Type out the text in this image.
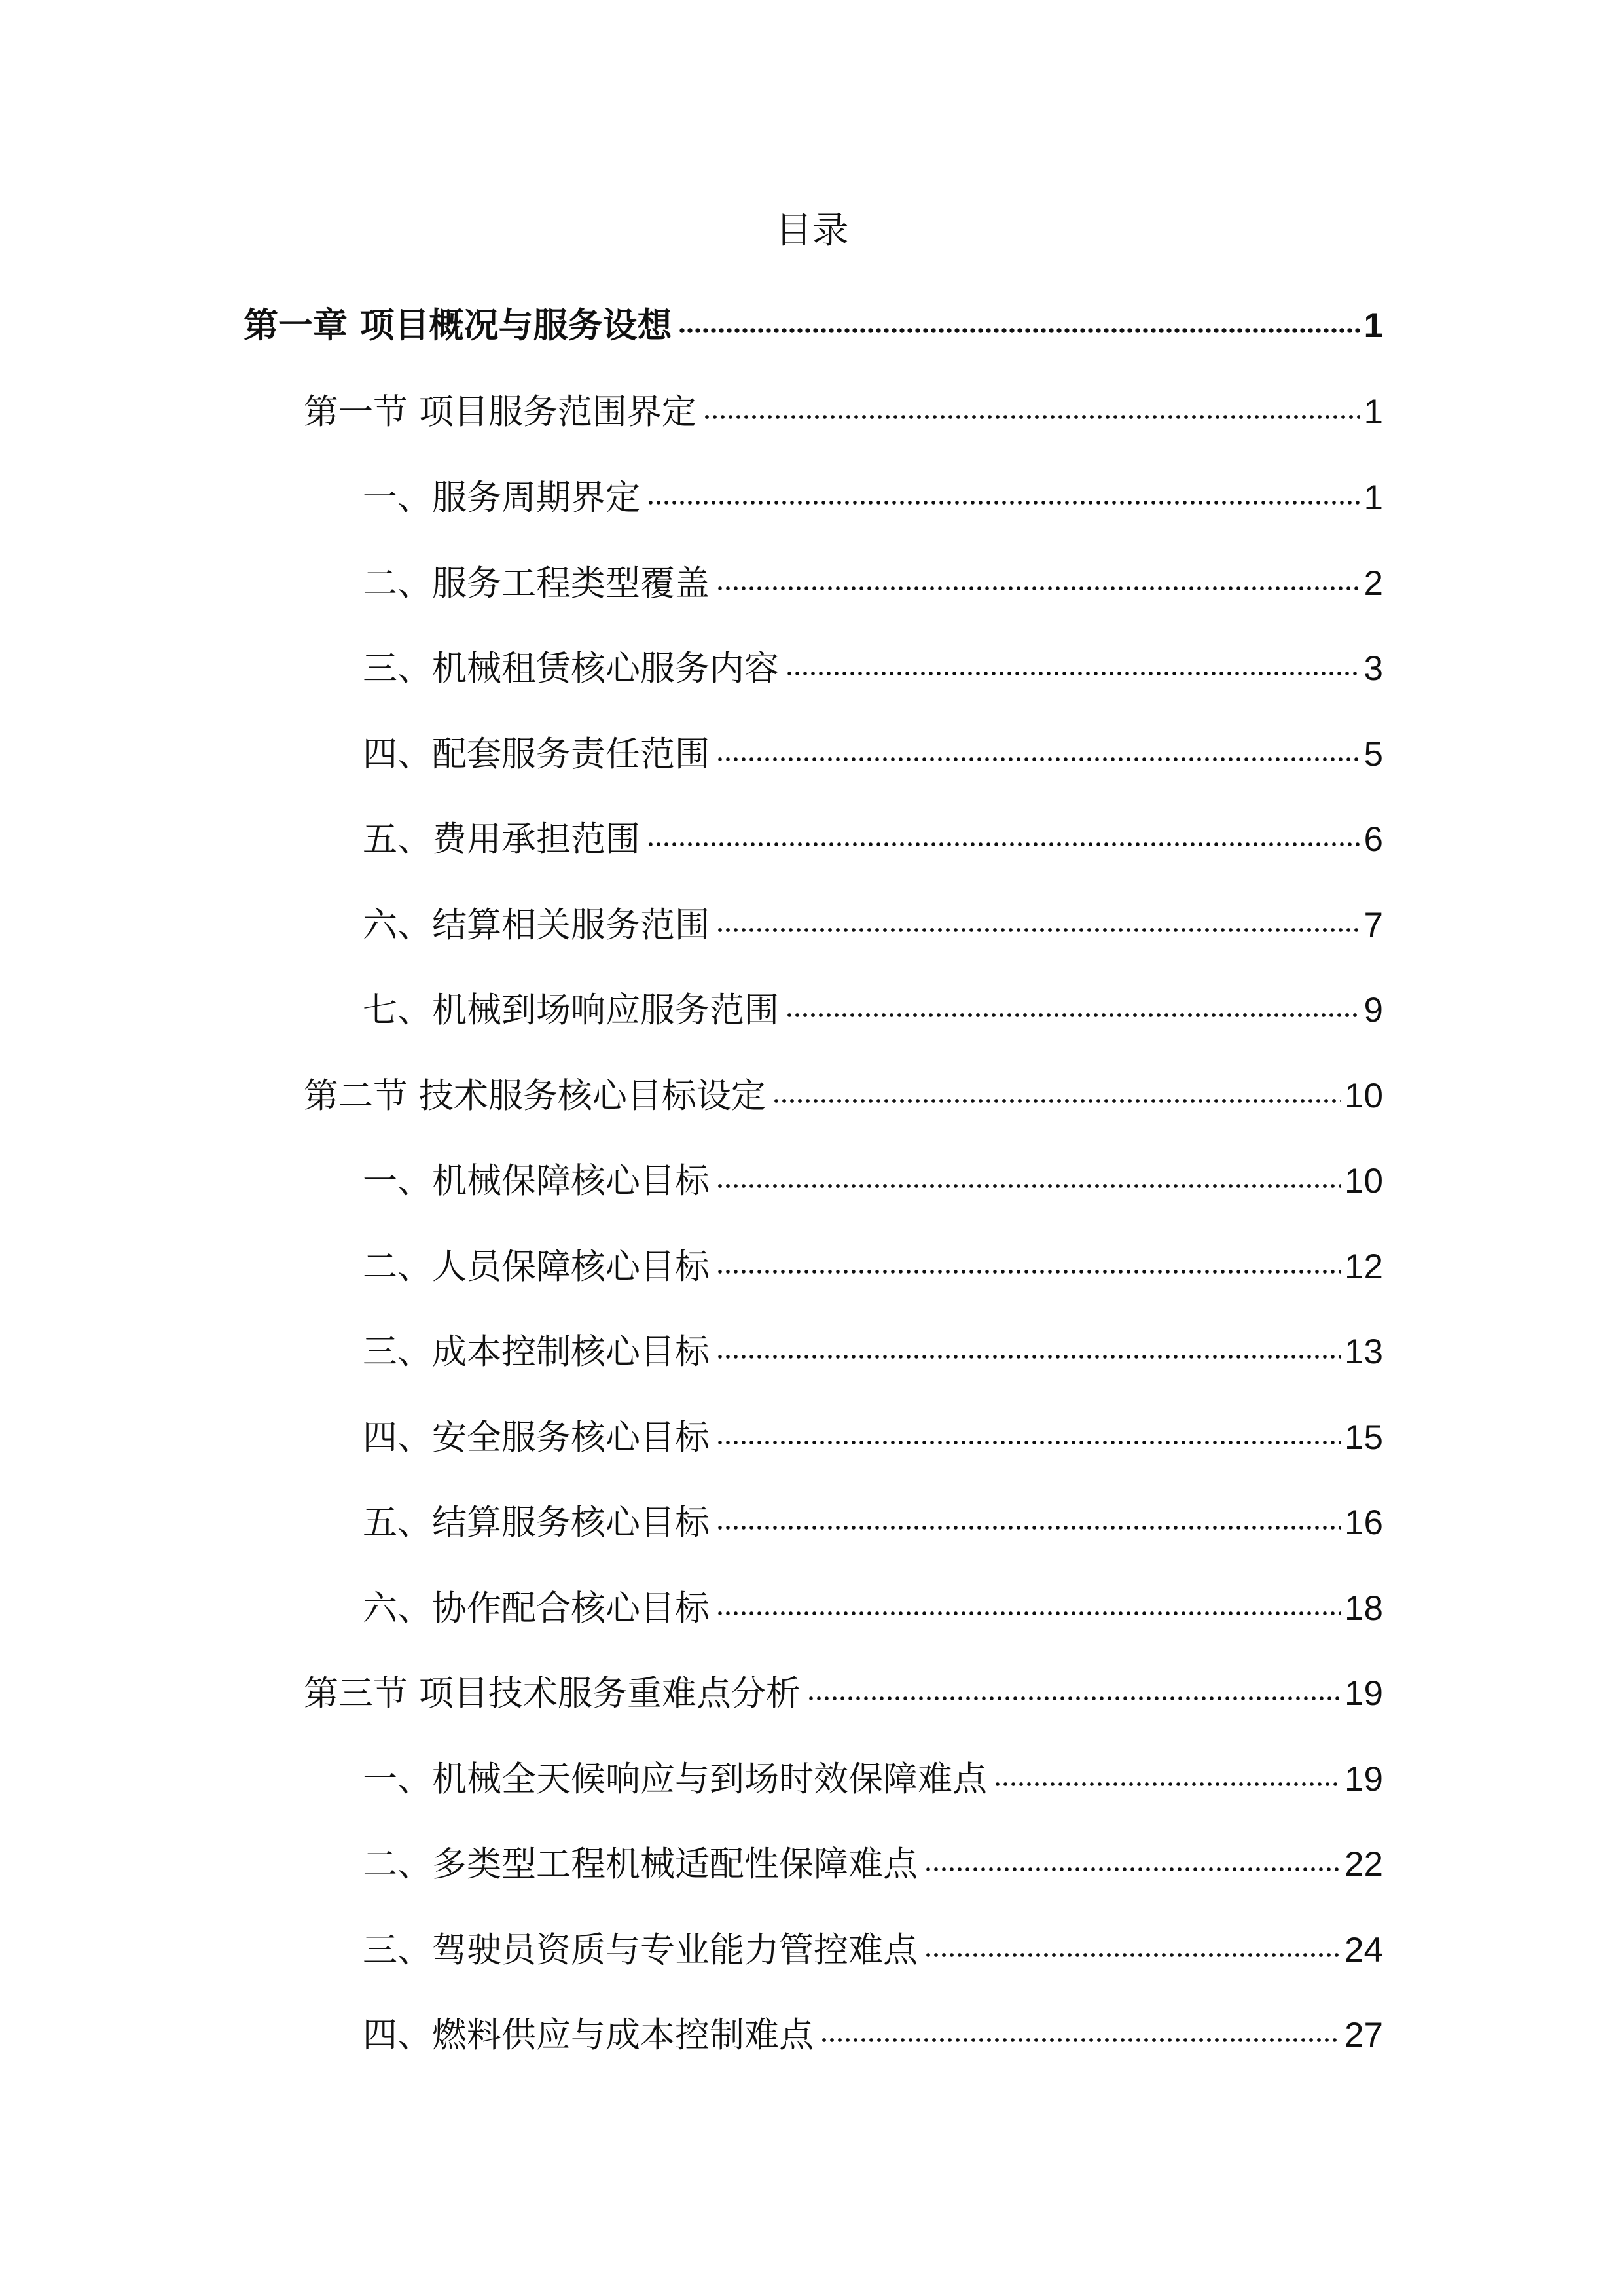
目录
第一章 项目概况与服务设想	1
第一节 项目服务范围界定	1
一、服务周期界定	1
二、服务工程类型覆盖	2
三、机械租赁核心服务内容	3
四、配套服务责任范围	5
五、费用承担范围	6
六、结算相关服务范围	7
七、机械到场响应服务范围	9
第二节 技术服务核心目标设定	10
一、机械保障核心目标	10
二、人员保障核心目标	12
三、成本控制核心目标	13
四、安全服务核心目标	15
五、结算服务核心目标	16
六、协作配合核心目标	18
第三节 项目技术服务重难点分析	19
一、机械全天候响应与到场时效保障难点	19
二、多类型工程机械适配性保障难点	22
三、驾驶员资质与专业能力管控难点	24
四、燃料供应与成本控制难点	27
